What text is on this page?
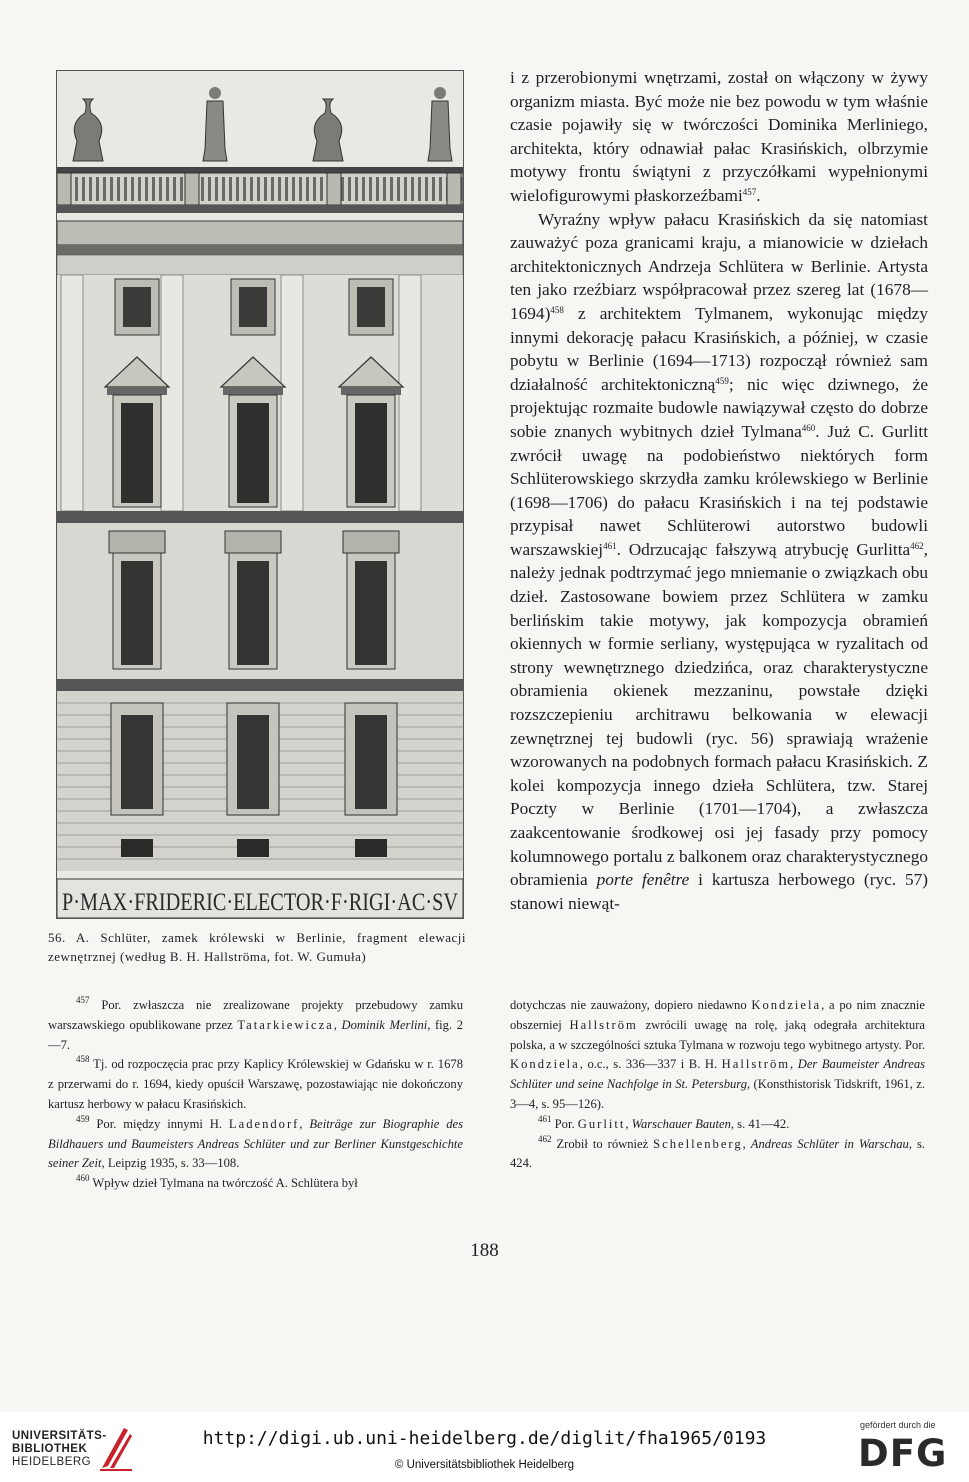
P·MAX·FRIDERIC·ELECTOR·F·RIGI·AC·SV
56. A. Schlüter, zamek królewski w Berlinie, fragment elewacji zewnętrznej (według B. H. Hallströma, fot. W. Gumuła)

i z przerobionymi wnętrzami, został on włączony w żywy organizm miasta. Być może nie bez powodu w tym właśnie czasie pojawiły się w twórczości Dominika Merliniego, architekta, który odnawiał pałac Krasińskich, olbrzymie motywy frontu świątyni z przyczółkami wypełnionymi wielofigurowymi płaskorzeźbami$^{457}$.

Wyraźny wpływ pałacu Krasińskich da się natomiast zauważyć poza granicami kraju, a mianowicie w dziełach architektonicznych Andrzeja Schlütera w Berlinie. Artysta ten jako rzeźbiarz współpracował przez szereg lat (1678—1694)$^{458}$ z architektem Tylmanem, wykonując między innymi dekorację pałacu Krasińskich, a później, w czasie pobytu w Berlinie (1694—1713) rozpoczął również sam działalność architektoniczną$^{459}$; nic więc dziwnego, że projektując rozmaite budowle nawiązywał często do dobrze sobie znanych wybitnych dzieł Tylmana$^{460}$. Już C. Gurlitt zwrócił uwagę na podobieństwo niektórych form Schlüterowskiego skrzydła zamku królewskiego w Berlinie (1698—1706) do pałacu Krasińskich i na tej podstawie przypisał nawet Schlüterowi autorstwo budowli warszawskiej$^{461}$. Odrzucając fałszywą atrybucję Gurlitta$^{462}$, należy jednak podtrzymać jego mniemanie o związkach obu dzieł. Zastosowane bowiem przez Schlütera w zamku berlińskim takie motywy, jak kompozycja obramień okiennych w formie serliany, występująca w ryzalitach od strony wewnętrznego dziedzińca, oraz charakterystyczne obramienia okienek mezzaninu, powstałe dzięki rozszczepieniu architrawu belkowania w elewacji zewnętrznej tej budowli (ryc. 56) sprawiają wrażenie wzorowanych na podobnych formach pałacu Krasińskich. Z kolei kompozycja innego dzieła Schlütera, tzw. Starej Poczty w Berlinie (1701—1704), a zwłaszcza zaakcentowanie środkowej osi jej fasady przy pomocy kolumnowego portalu z balkonem oraz charakterystycznego obramienia porte fenêtre i kartusza herbowego (ryc. 57) stanowi niewąt-

$^{457}$ Por. zwłaszcza nie zrealizowane projekty przebudowy zamku warszawskiego opublikowane przez Tatarkiewicza, Dominik Merlini, fig. 2—7.

$^{458}$ Tj. od rozpoczęcia prac przy Kaplicy Królewskiej w Gdańsku w r. 1678 z przerwami do r. 1694, kiedy opuścił Warszawę, pozostawiając nie dokończony kartusz herbowy w pałacu Krasińskich.

$^{459}$ Por. między innymi H. Ladendorf, Beiträge zur Biographie des Bildhauers und Baumeisters Andreas Schlüter und zur Berliner Kunstgeschichte seiner Zeit, Leipzig 1935, s. 33—108.

$^{460}$ Wpływ dzieł Tylmana na twórczość A. Schlütera był

dotychczas nie zauważony, dopiero niedawno Kondziela, a po nim znacznie obszerniej Hallström zwrócili uwagę na rolę, jaką odegrała architektura polska, a w szczególności sztuka Tylmana w rozwoju tego wybitnego artysty. Por. Kondziela, o.c., s. 336—337 i B. H. Hallström, Der Baumeister Andreas Schlüter und seine Nachfolge in St. Petersburg, (Konsthistorisk Tidskrift, 1961, z. 3—4, s. 95—126).

$^{461}$ Por. Gurlitt, Warschauer Bauten, s. 41—42.

$^{462}$ Zrobił to również Schellenberg, Andreas Schlüter in Warschau, s. 424.

188
UNIVERSITÄTS-
BIBLIOTHEK
HEIDELBERG
http://digi.ub.uni-heidelberg.de/diglit/fha1965/0193
© Universitätsbibliothek Heidelberg
gefördert durch die
DFG
